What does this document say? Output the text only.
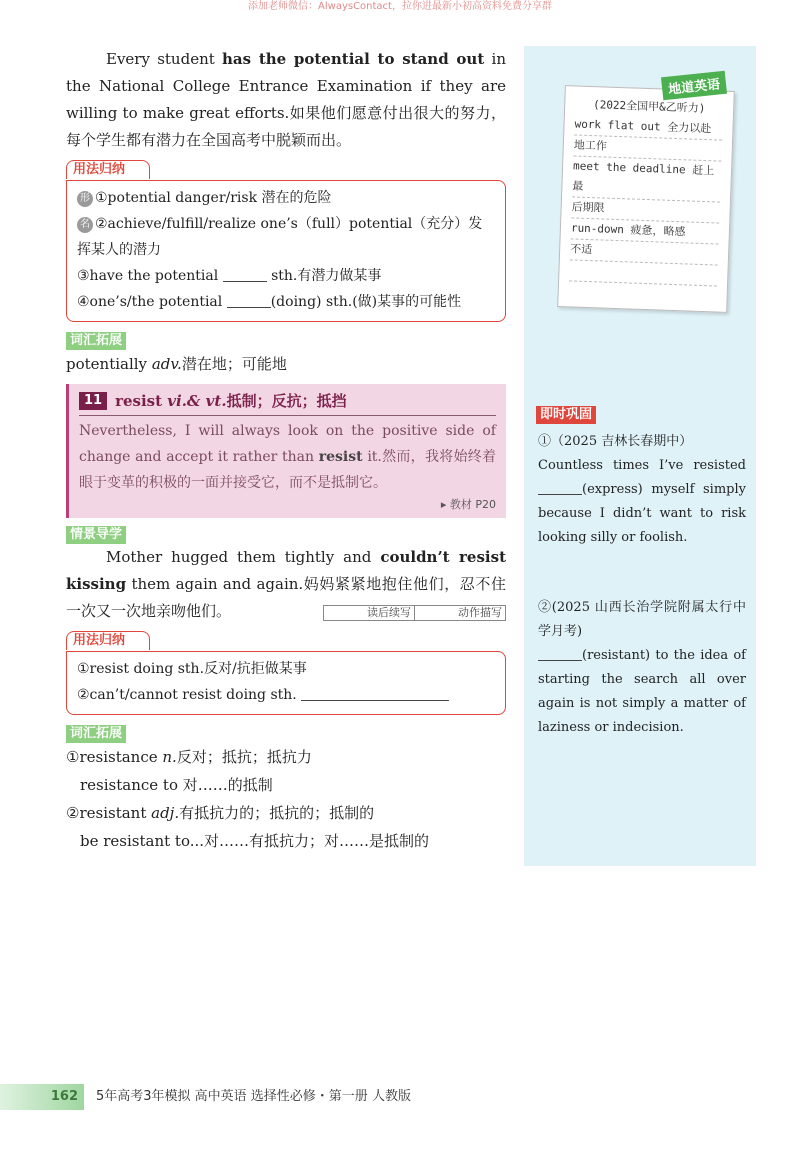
添加老师微信：AlwaysContact，拉你进最新小初高资料免费分享群
Every student has the potential to stand out in the National College Entrance Examination if they are willing to make great efforts.如果他们愿意付出很大的努力，每个学生都有潜力在全国高考中脱颖而出。
用法归纳
形 ①potential danger/risk 潜在的危险
名 ②achieve/fulfill/realize one’s（full）potential（充分）发挥某人的潜力
③have the potential	sth.有潜力做某事
④one’s/the potential	(doing) sth.(做)某事的可能性
词汇拓展
potentially adv.潜在地；可能地
11 resist vi.& vt.抵制；反抗；抵挡
Nevertheless, I will always look on the positive side of change and accept it rather than resist it.然而，我将始终着眼于变革的积极的一面并接受它，而不是抵制它。
▸ 教材 P20
情景导学
Mother hugged them tightly and couldn’t resist kissing them again and again.妈妈紧紧地抱住他们，忍不住一次又一次地亲吻他们。	读后续写	动作描写
用法归纳
①resist doing sth.反对/抗拒做某事
②can’t/cannot resist doing sth.
词汇拓展
①resistance n.反对；抵抗；抵抗力
resistance to 对……的抵制
②resistant adj.有抵抗力的；抵抗的；抵制的
be resistant to...对……有抵抗力；对……是抵制的
(2022全国甲&乙听力)
work flat out 全力以赴
地工作
meet the deadline 赶上最
后期限
run-down 疲惫，略感
不适

地道英语
即时巩固
①（2025 吉林长春期中）
Countless times I’ve resisted (express) myself simply because I didn’t want to risk looking silly or foolish.
②(2025 山西长治学院附属太行中学月考)
(resistant) to the idea of starting the search all over again is not simply a matter of laziness or indecision.
162	5年高考3年模拟 高中英语 选择性必修・第一册 人教版
